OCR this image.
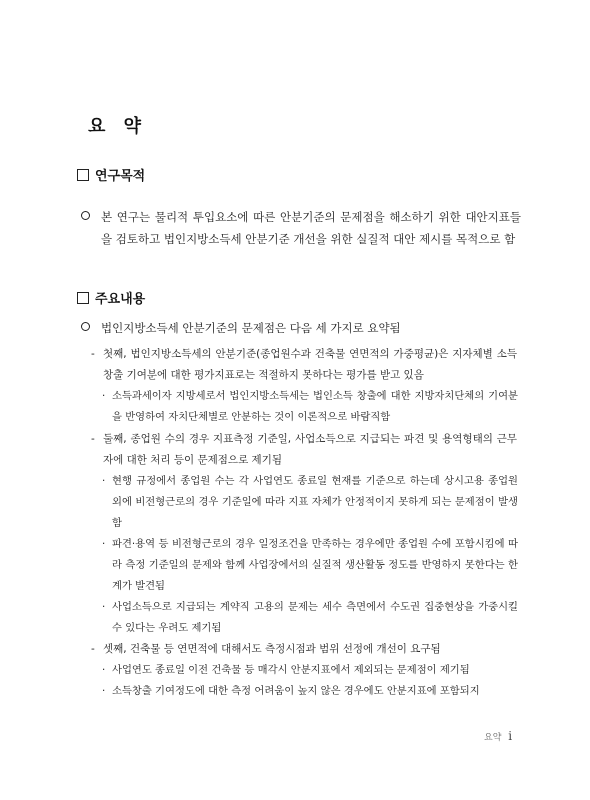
요 약
연구목적
본 연구는 물리적 투입요소에 따른 안분기준의 문제점을 해소하기 위한 대안지표들을 검토하고 법인지방소득세 안분기준 개선을 위한 실질적 대안 제시를 목적으로 함
주요내용
법인지방소득세 안분기준의 문제점은 다음 세 가지로 요약됨
- 첫째, 법인지방소득세의 안분기준(종업원수과 건축물 연면적의 가중평균)은 지자체별 소득창출 기여분에 대한 평가지표로는 적절하지 못하다는 평가를 받고 있음
· 소득과세이자 지방세로서 법인지방소득세는 법인소득 창출에 대한 지방자치단체의 기여분을 반영하여 자치단체별로 안분하는 것이 이론적으로 바람직함
- 둘째, 종업원 수의 경우 지표측정 기준일, 사업소득으로 지급되는 파견 및 용역형태의 근무자에 대한 처리 등이 문제점으로 제기됨
· 현행 규정에서 종업원 수는 각 사업연도 종료일 현재를 기준으로 하는데 상시고용 종업원 외에 비전형근로의 경우 기준일에 따라 지표 자체가 안정적이지 못하게 되는 문제점이 발생함
· 파견·용역 등 비전형근로의 경우 일정조건을 만족하는 경우에만 종업원 수에 포함시킴에 따라 측정 기준일의 문제와 함께 사업장에서의 실질적 생산활동 정도를 반영하지 못한다는 한계가 발견됨
· 사업소득으로 지급되는 계약직 고용의 문제는 세수 측면에서 수도권 집중현상을 가중시킬 수 있다는 우려도 제기됨
- 셋째, 건축물 등 연면적에 대해서도 측정시점과 범위 선정에 개선이 요구됨
· 사업연도 종료일 이전 건축물 등 매각시 안분지표에서 제외되는 문제점이 제기됨
· 소득창출 기여정도에 대한 측정 어려움이 높지 않은 경우에도 안분지표에 포함되지
요약 i
